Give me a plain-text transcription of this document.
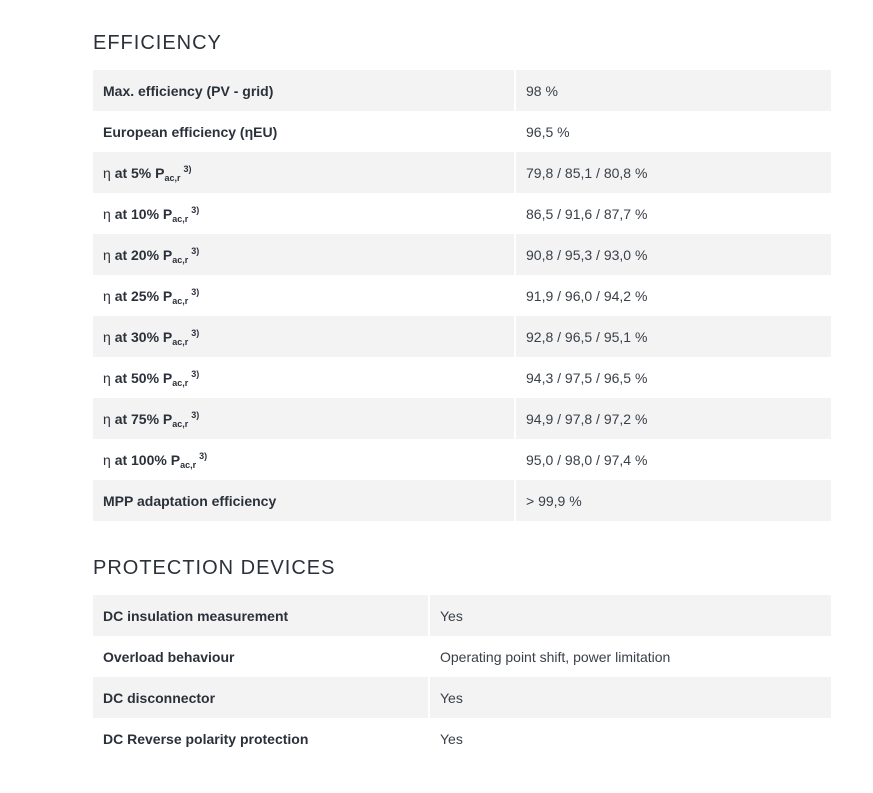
EFFICIENCY
Max. efficiency (PV - grid)	98 %
European efficiency (ηEU)	96,5 %
η at 5% $P_{ac,r}^{3)}$	79,8 / 85,1 / 80,8 %
η at 10% $P_{ac,r}^{3)}$	86,5 / 91,6 / 87,7 %
η at 20% $P_{ac,r}^{3)}$	90,8 / 95,3 / 93,0 %
η at 25% $P_{ac,r}^{3)}$	91,9 / 96,0 / 94,2 %
η at 30% $P_{ac,r}^{3)}$	92,8 / 96,5 / 95,1 %
η at 50% $P_{ac,r}^{3)}$	94,3 / 97,5 / 96,5 %
η at 75% $P_{ac,r}^{3)}$	94,9 / 97,8 / 97,2 %
η at 100% $P_{ac,r}^{3)}$	95,0 / 98,0 / 97,4 %
MPP adaptation efficiency	> 99,9 %
PROTECTION DEVICES
DC insulation measurement	Yes
Overload behaviour	Operating point shift, power limitation
DC disconnector	Yes
DC Reverse polarity protection	Yes
